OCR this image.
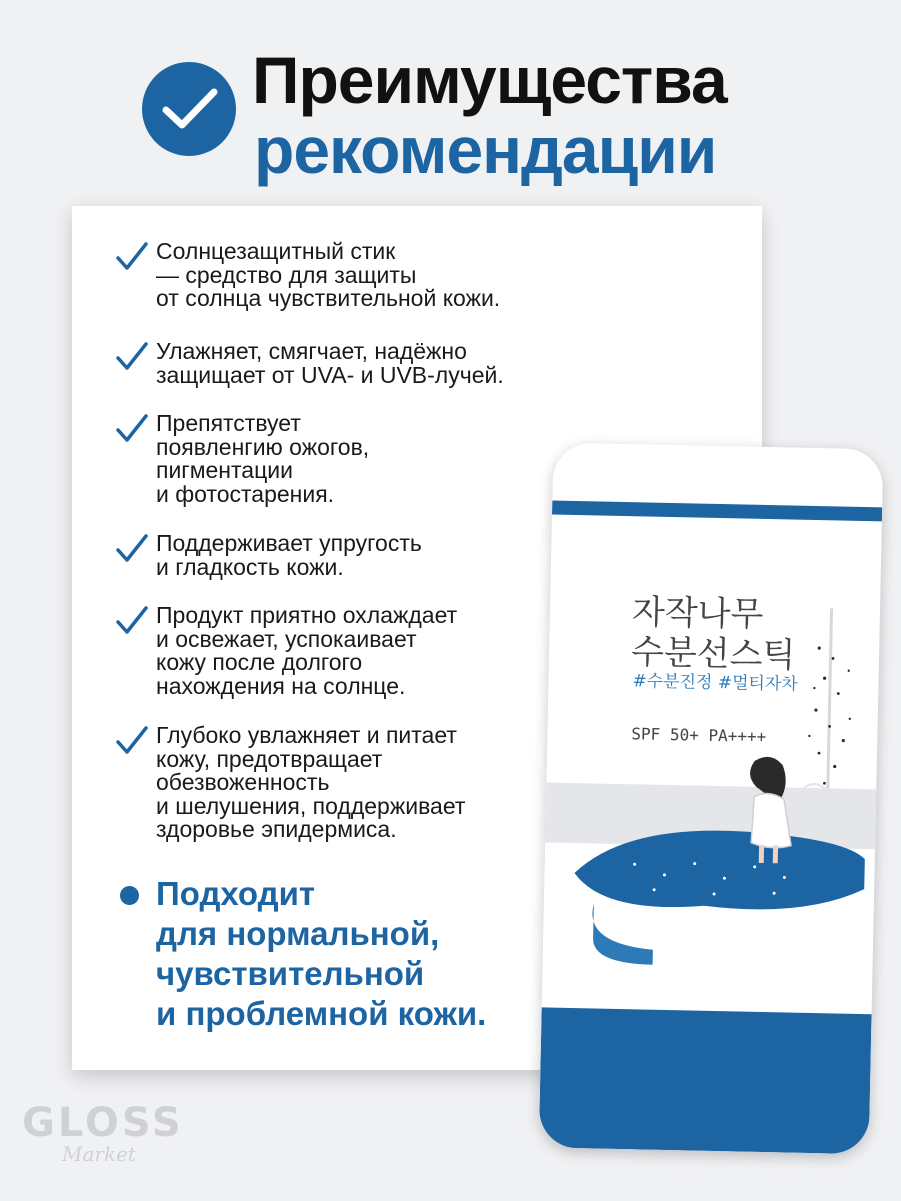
Преимущества
рекомендации
Солнцезащитный стик
— средство для защиты
от солнца чувствительной кожи.
Улажняет, смягчает, надёжно
защищает от UVA- и UVB-лучей.
Препятствует
появленгию ожогов,
пигментации
и фотостарения.
Поддерживает упругость
и гладкость кожи.
Продукт приятно охлаждает
и освежает, успокаивает
кожу после долгого
нахождения на солнце.
Глубоко увлажняет и питает
кожу, предотвращает
обезвоженность
и шелушения, поддерживает
здоровье эпидермиса.
Подходит
для нормальной,
чувствительной
и проблемной кожи.
자작나무
수분선스틱
#수분진정 #멀티자차
SPF 50+ PA++++
GLOSS
Market
